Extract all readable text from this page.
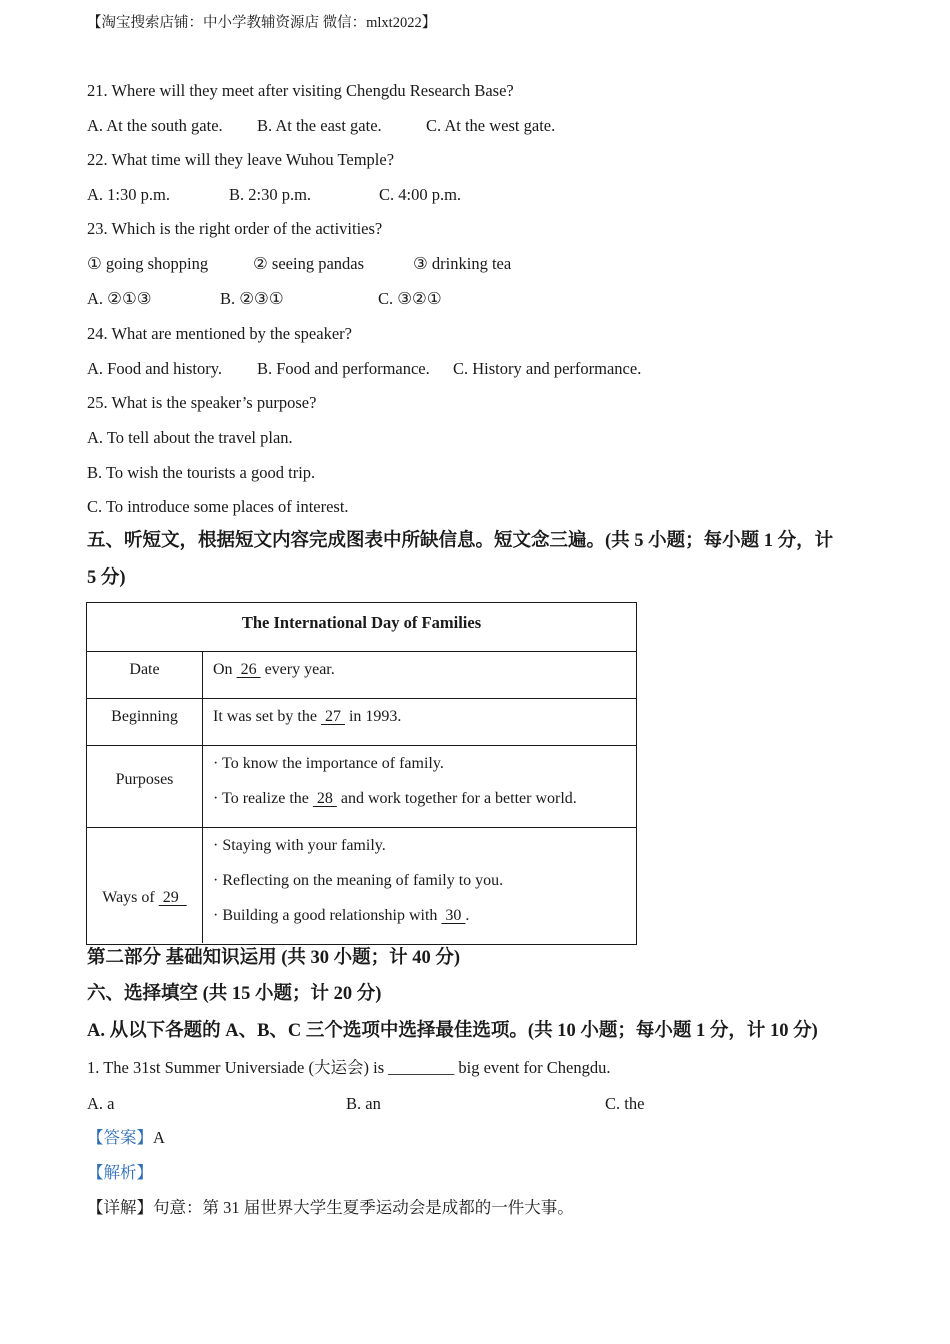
【淘宝搜索店铺：中小学教辅资源店 微信：mlxt2022】
21. Where will they meet after visiting Chengdu Research Base?
A. At the south gate. B. At the east gate.	C. At the west gate.
22. What time will they leave Wuhou Temple?
A. 1:30 p.m.	B. 2:30 p.m.	C. 4:00 p.m.
23. Which is the right order of the activities?
① going shopping	② seeing pandas	③ drinking tea
A. ②①③	B. ②③①	C. ③②①
24. What are mentioned by the speaker?
A. Food and history. B. Food and performance. C. History and performance.
25. What is the speaker’s purpose?
A. To tell about the travel plan.
B. To wish the tourists a good trip.
C. To introduce some places of interest.
五、听短文，根据短文内容完成图表中所缺信息。短文念三遍。(共 5 小题；每小题 1 分，计
5 分)
The International Day of Families
Date	On  26  every year.
Beginning	It was set by the  27  in 1993.
Purposes
· To know the importance of family.
· To realize the  28  and work together for a better world.
Ways of  29
· Staying with your family.
· Reflecting on the meaning of family to you.
· Building a good relationship with  30 .
第二部分 基础知识运用 (共 30 小题；计 40 分)
六、选择填空 (共 15 小题；计 20 分)
A. 从以下各题的 A、B、C 三个选项中选择最佳选项。(共 10 小题；每小题 1 分，计 10 分)
1. The 31st Summer Universiade (大运会) is ________ big event for Chengdu.
A. a	B. an	C. the
【答案】A
【解析】
【详解】句意：第 31 届世界大学生夏季运动会是成都的一件大事。
